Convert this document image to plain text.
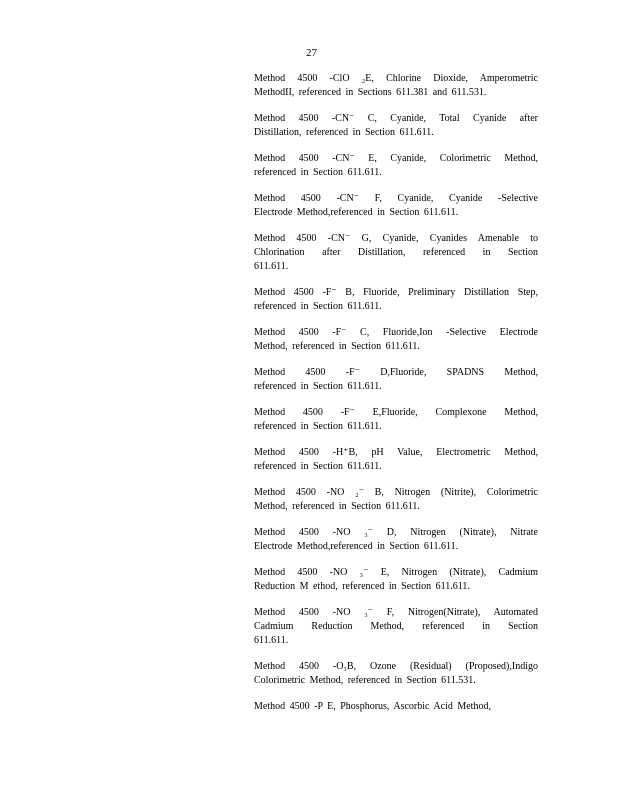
27
Method 4500 -ClO ₂E, Chlorine Dioxide, Amperometric
MethodII, referenced in Sections 611.381 and 611.531.
Method 4500 -CN⁻ C, Cyanide, Total Cyanide after
Distillation, referenced in Section 611.611.
Method 4500 -CN⁻ E, Cyanide, Colorimetric Method,
referenced in Section 611.611.
Method 4500 -CN⁻ F, Cyanide, Cyanide -Selective
Electrode Method,referenced in Section 611.611.
Method 4500 -CN⁻ G, Cyanide, Cyanides Amenable to
Chlorination after Distillation, referenced in Section
611.611.
Method 4500 -F⁻ B, Fluoride, Preliminary Distillation Step,
referenced in Section 611.611.
Method 4500 -F⁻ C, Fluoride,Ion -Selective Electrode
Method, referenced in Section 611.611.
Method 4500 -F⁻ D,Fluoride, SPADNS Method,
referenced in Section 611.611.
Method 4500 -F⁻ E,Fluoride, Complexone Method,
referenced in Section 611.611.
Method 4500 -H⁺B, pH Value, Electrometric Method,
referenced in Section 611.611.
Method 4500 -NO ₂⁻ B, Nitrogen (Nitrite), Colorimetric
Method, referenced in Section 611.611.
Method 4500 -NO ₃⁻ D, Nitrogen (Nitrate), Nitrate
Electrode Method,referenced in Section 611.611.
Method 4500 -NO ₃⁻ E, Nitrogen (Nitrate), Cadmium
Reduction M ethod, referenced in Section 611.611.
Method 4500 -NO ₃⁻ F, Nitrogen(Nitrate), Automated
Cadmium Reduction Method, referenced in Section
611.611.
Method 4500 -O₃B, Ozone (Residual) (Proposed),Indigo
Colorimetric Method, referenced in Section 611.531.
Method 4500 -P E, Phosphorus, Ascorbic Acid Method,
